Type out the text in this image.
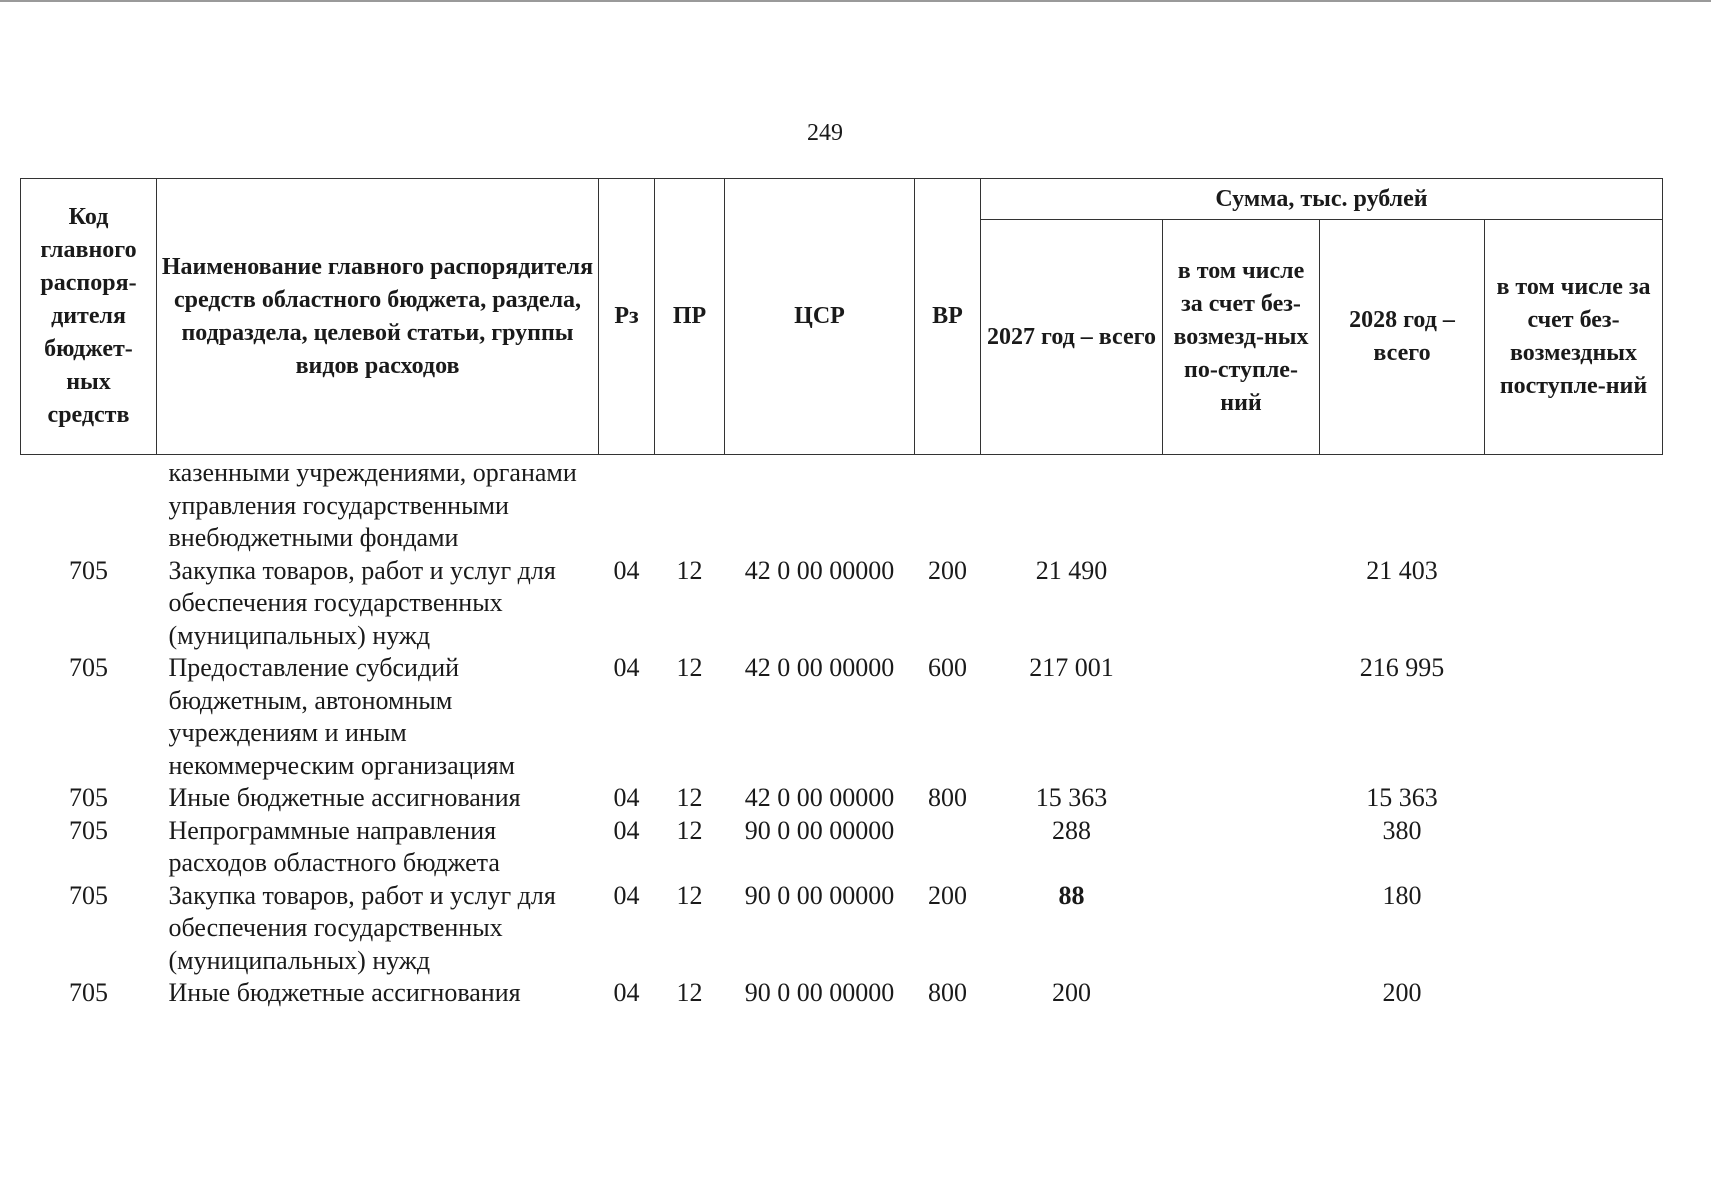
249
Код главного распоря-дителя бюджет-ных средств	Наименование главного распорядителя средств областного бюджета, раздела, подраздела, целевой статьи, группы видов расходов	Рз	ПР	ЦСР	ВР	Сумма, тыс. рублей			
						2027 год – всего	в том числе за счет без-возмезд-ных по-ступле-ний	2028 год – всего	в том числе за счет без-возмездных поступле-ний
	казенными учреждениями, органами управления государственными внебюджетными фондами								
705	Закупка товаров, работ и услуг для обеспечения государственных (муниципальных) нужд	04	12	42 0 00 00000	200	21 490		21 403	
705	Предоставление субсидий бюджетным, автономным учреждениям и иным некоммерческим организациям	04	12	42 0 00 00000	600	217 001		216 995	
705	Иные бюджетные ассигнования	04	12	42 0 00 00000	800	15 363		15 363	
705	Непрограммные направления расходов областного бюджета	04	12	90 0 00 00000		288		380	
705	Закупка товаров, работ и услуг для обеспечения государственных (муниципальных) нужд	04	12	90 0 00 00000	200	88		180	
705	Иные бюджетные ассигнования	04	12	90 0 00 00000	800	200		200	
